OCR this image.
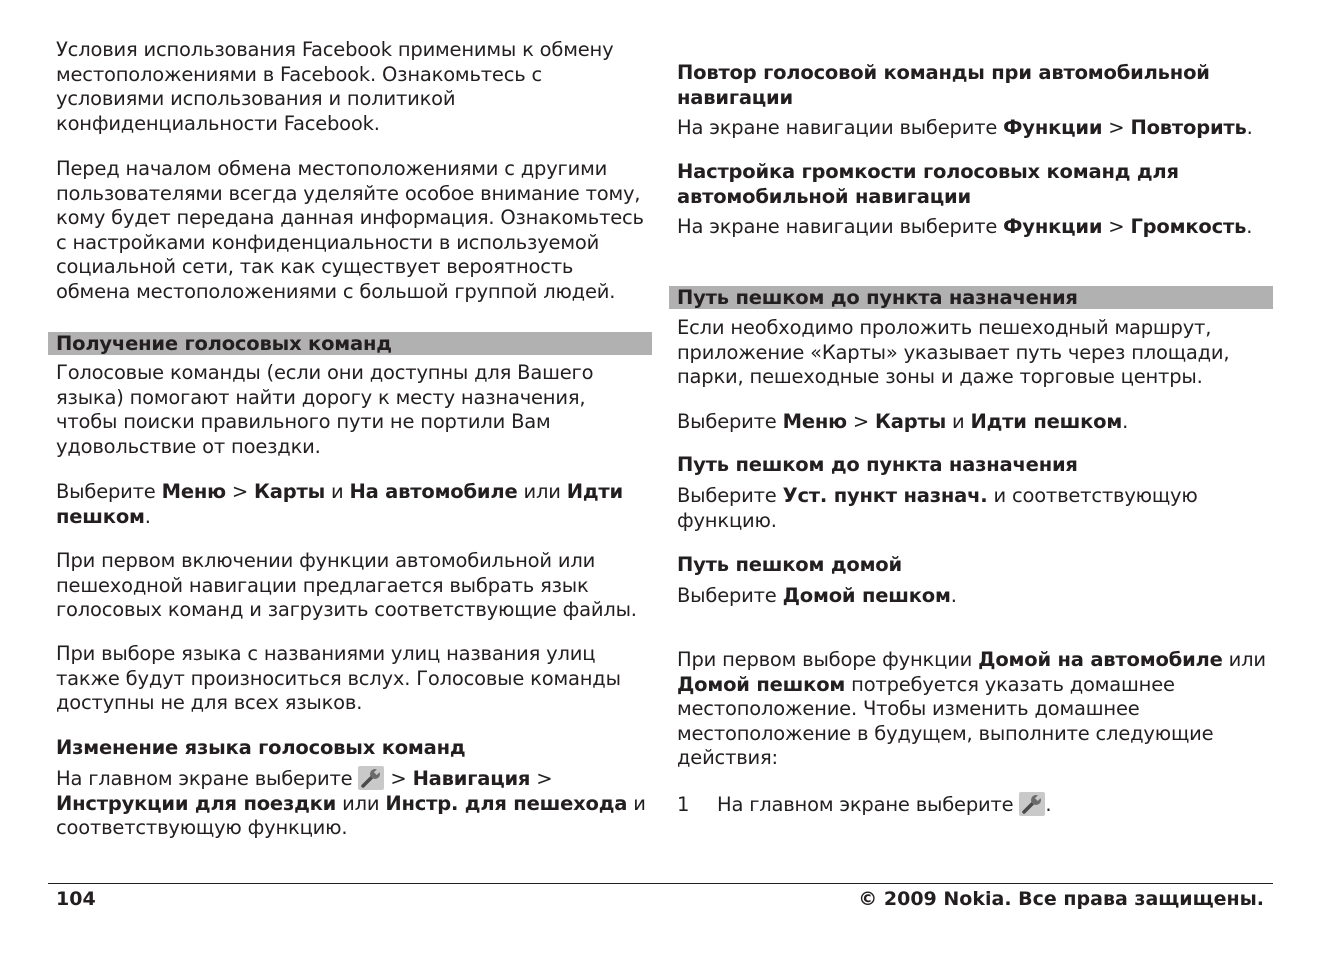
Условия использования Facebook применимы к обмену местоположениями в Facebook. Ознакомьтесь с условиями использования и политикой конфиденциальности Facebook.
Перед началом обмена местоположениями с другими пользователями всегда уделяйте особое внимание тому, кому будет передана данная информация. Ознакомьтесь с настройками конфиденциальности в используемой социальной сети, так как существует вероятность обмена местоположениями с большой группой людей.
Получение голосовых команд
Голосовые команды (если они доступны для Вашего языка) помогают найти дорогу к месту назначения, чтобы поиски правильного пути не портили Вам удовольствие от поездки.
Выберите Меню > Карты и На автомобиле или Идти пешком.
При первом включении функции автомобильной или пешеходной навигации предлагается выбрать язык голосовых команд и загрузить соответствующие файлы.
При выборе языка с названиями улиц названия улиц также будут произноситься вслух. Голосовые команды доступны не для всех языков.
Изменение языка голосовых команд
На главном экране выберите
> Навигация > Инструкции для поездки или Инстр. для пешехода и соответствующую функцию.
Повтор голосовой команды при автомобильной навигации
На экране навигации выберите Функции > Повторить.
Настройка громкости голосовых команд для автомобильной навигации
На экране навигации выберите Функции > Громкость.
Путь пешком до пункта назначения
Если необходимо проложить пешеходный маршрут, приложение «Карты» указывает путь через площади, парки, пешеходные зоны и даже торговые центры.
Выберите Меню > Карты и Идти пешком.
Путь пешком до пункта назначения
Выберите Уст. пункт назнач. и соответствующую функцию.
Путь пешком домой
Выберите Домой пешком.
При первом выборе функции Домой на автомобиле или Домой пешком потребуется указать домашнее местоположение. Чтобы изменить домашнее местоположение в будущем, выполните следующие действия:
1 На главном экране выберите
.
104	© 2009 Nokia. Все права защищены.
